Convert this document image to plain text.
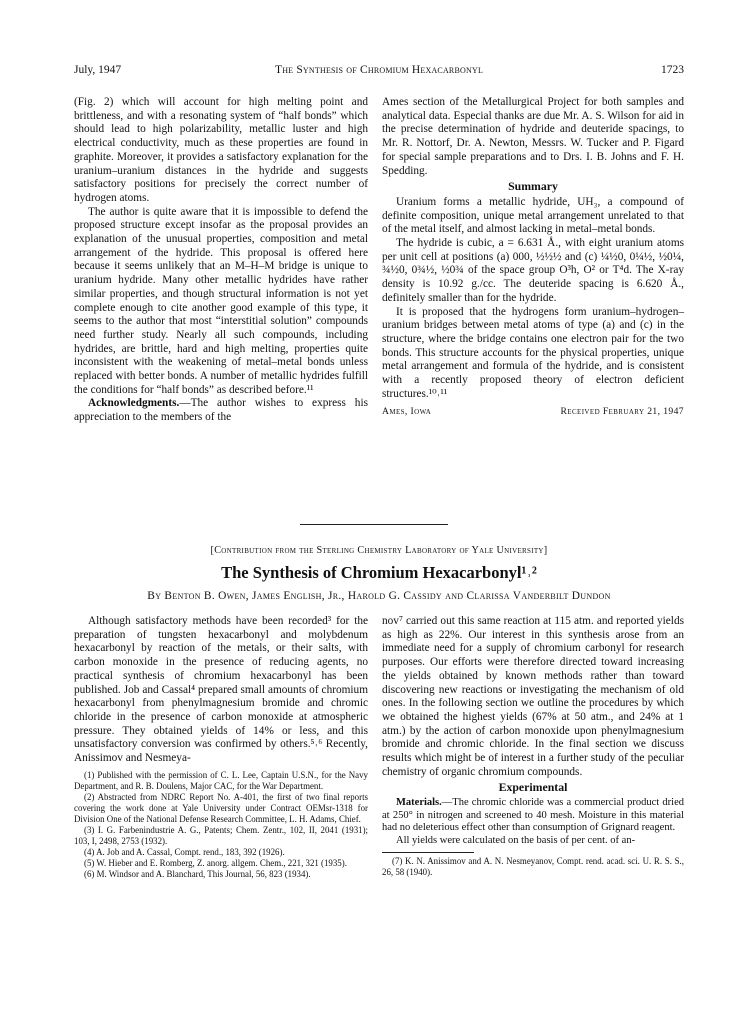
July, 1947	The Synthesis of Chromium Hexacarbonyl	1723

(Fig. 2) which will account for high melting point and brittleness, and with a resonating system of “half bonds” which should lead to high polarizability, metallic luster and high electrical conductivity, much as these properties are found in graphite. Moreover, it provides a satisfactory explanation for the uranium–uranium distances in the hydride and suggests satisfactory positions for precisely the correct number of hydrogen atoms.

The author is quite aware that it is impossible to defend the proposed structure except insofar as the proposal provides an explanation of the unusual properties, composition and metal arrangement of the hydride. This proposal is offered here because it seems unlikely that an M–H–M bridge is unique to uranium hydride. Many other metallic hydrides have rather similar properties, and though structural information is not yet complete enough to cite another good example of this type, it seems to the author that most “interstitial solution” compounds need further study. Nearly all such compounds, including hydrides, are brittle, hard and high melting, properties quite inconsistent with the weakening of metal–metal bonds unless replaced with better bonds. A number of metallic hydrides fulfill the conditions for “half bonds” as described before.¹¹

Acknowledgments.—The author wishes to express his appreciation to the members of the

Ames section of the Metallurgical Project for both samples and analytical data. Especial thanks are due Mr. A. S. Wilson for aid in the precise determination of hydride and deuteride spacings, to Mr. R. Nottorf, Dr. A. Newton, Messrs. W. Tucker and P. Figard for special sample preparations and to Drs. I. B. Johns and F. H. Spedding.

Summary

Uranium forms a metallic hydride, UH₃, a compound of definite composition, unique metal arrangement unrelated to that of the metal itself, and almost lacking in metal–metal bonds.

The hydride is cubic, a = 6.631 Å., with eight uranium atoms per unit cell at positions (a) 000, ½½½ and (c) ¼½0, 0¼½, ½0¼, ¾½0, 0¾½, ½0¾ of the space group O³h, O² or T⁴d. The X-ray density is 10.92 g./cc. The deuteride spacing is 6.620 Å., definitely smaller than for the hydride.

It is proposed that the hydrogens form uranium–hydrogen–uranium bridges between metal atoms of type (a) and (c) in the structure, where the bridge contains one electron pair for the two bonds. This structure accounts for the physical properties, unique metal arrangement and formula of the hydride, and is consistent with a recently proposed theory of electron deficient structures.¹⁰˒¹¹

Ames, Iowa	Received February 21, 1947
[Contribution from the Sterling Chemistry Laboratory of Yale University]
The Synthesis of Chromium Hexacarbonyl¹˒²
By Benton B. Owen, James English, Jr., Harold G. Cassidy and Clarissa Vanderbilt Dundon

Although satisfactory methods have been recorded³ for the preparation of tungsten hexacarbonyl and molybdenum hexacarbonyl by reaction of the metals, or their salts, with carbon monoxide in the presence of reducing agents, no practical synthesis of chromium hexacarbonyl has been published. Job and Cassal⁴ prepared small amounts of chromium hexacarbonyl from phenylmagnesium bromide and chromic chloride in the presence of carbon monoxide at atmospheric pressure. They obtained yields of 14% or less, and this unsatisfactory conversion was confirmed by others.⁵˒⁶ Recently, Anissimov and Nesmeya-

(1) Published with the permission of C. L. Lee, Captain U.S.N., for the Navy Department, and R. B. Doulens, Major CAC, for the War Department.

(2) Abstracted from NDRC Report No. A-401, the first of two final reports covering the work done at Yale University under Contract OEMsr-1318 for Division One of the National Defense Research Committee, L. H. Adams, Chief.

(3) I. G. Farbenindustrie A. G., Patents; Chem. Zentr., 102, II, 2041 (1931); 103, I, 2498, 2753 (1932).

(4) A. Job and A. Cassal, Compt. rend., 183, 392 (1926).

(5) W. Hieber and E. Romberg, Z. anorg. allgem. Chem., 221, 321 (1935).

(6) M. Windsor and A. Blanchard, This Journal, 56, 823 (1934).

nov⁷ carried out this same reaction at 115 atm. and reported yields as high as 22%. Our interest in this synthesis arose from an immediate need for a supply of chromium carbonyl for research purposes. Our efforts were therefore directed toward increasing the yields obtained by known methods rather than toward discovering new reactions or investigating the mechanism of old ones. In the following section we outline the procedures by which we obtained the highest yields (67% at 50 atm., and 24% at 1 atm.) by the action of carbon monoxide upon phenylmagnesium bromide and chromic chloride. In the final section we discuss results which might be of interest in a further study of the peculiar chemistry of organic chromium compounds.

Experimental

Materials.—The chromic chloride was a commercial product dried at 250° in nitrogen and screened to 40 mesh. Moisture in this material had no deleterious effect other than consumption of Grignard reagent.

All yields were calculated on the basis of per cent. of an-

(7) K. N. Anissimov and A. N. Nesmeyanov, Compt. rend. acad. sci. U. R. S. S., 26, 58 (1940).
